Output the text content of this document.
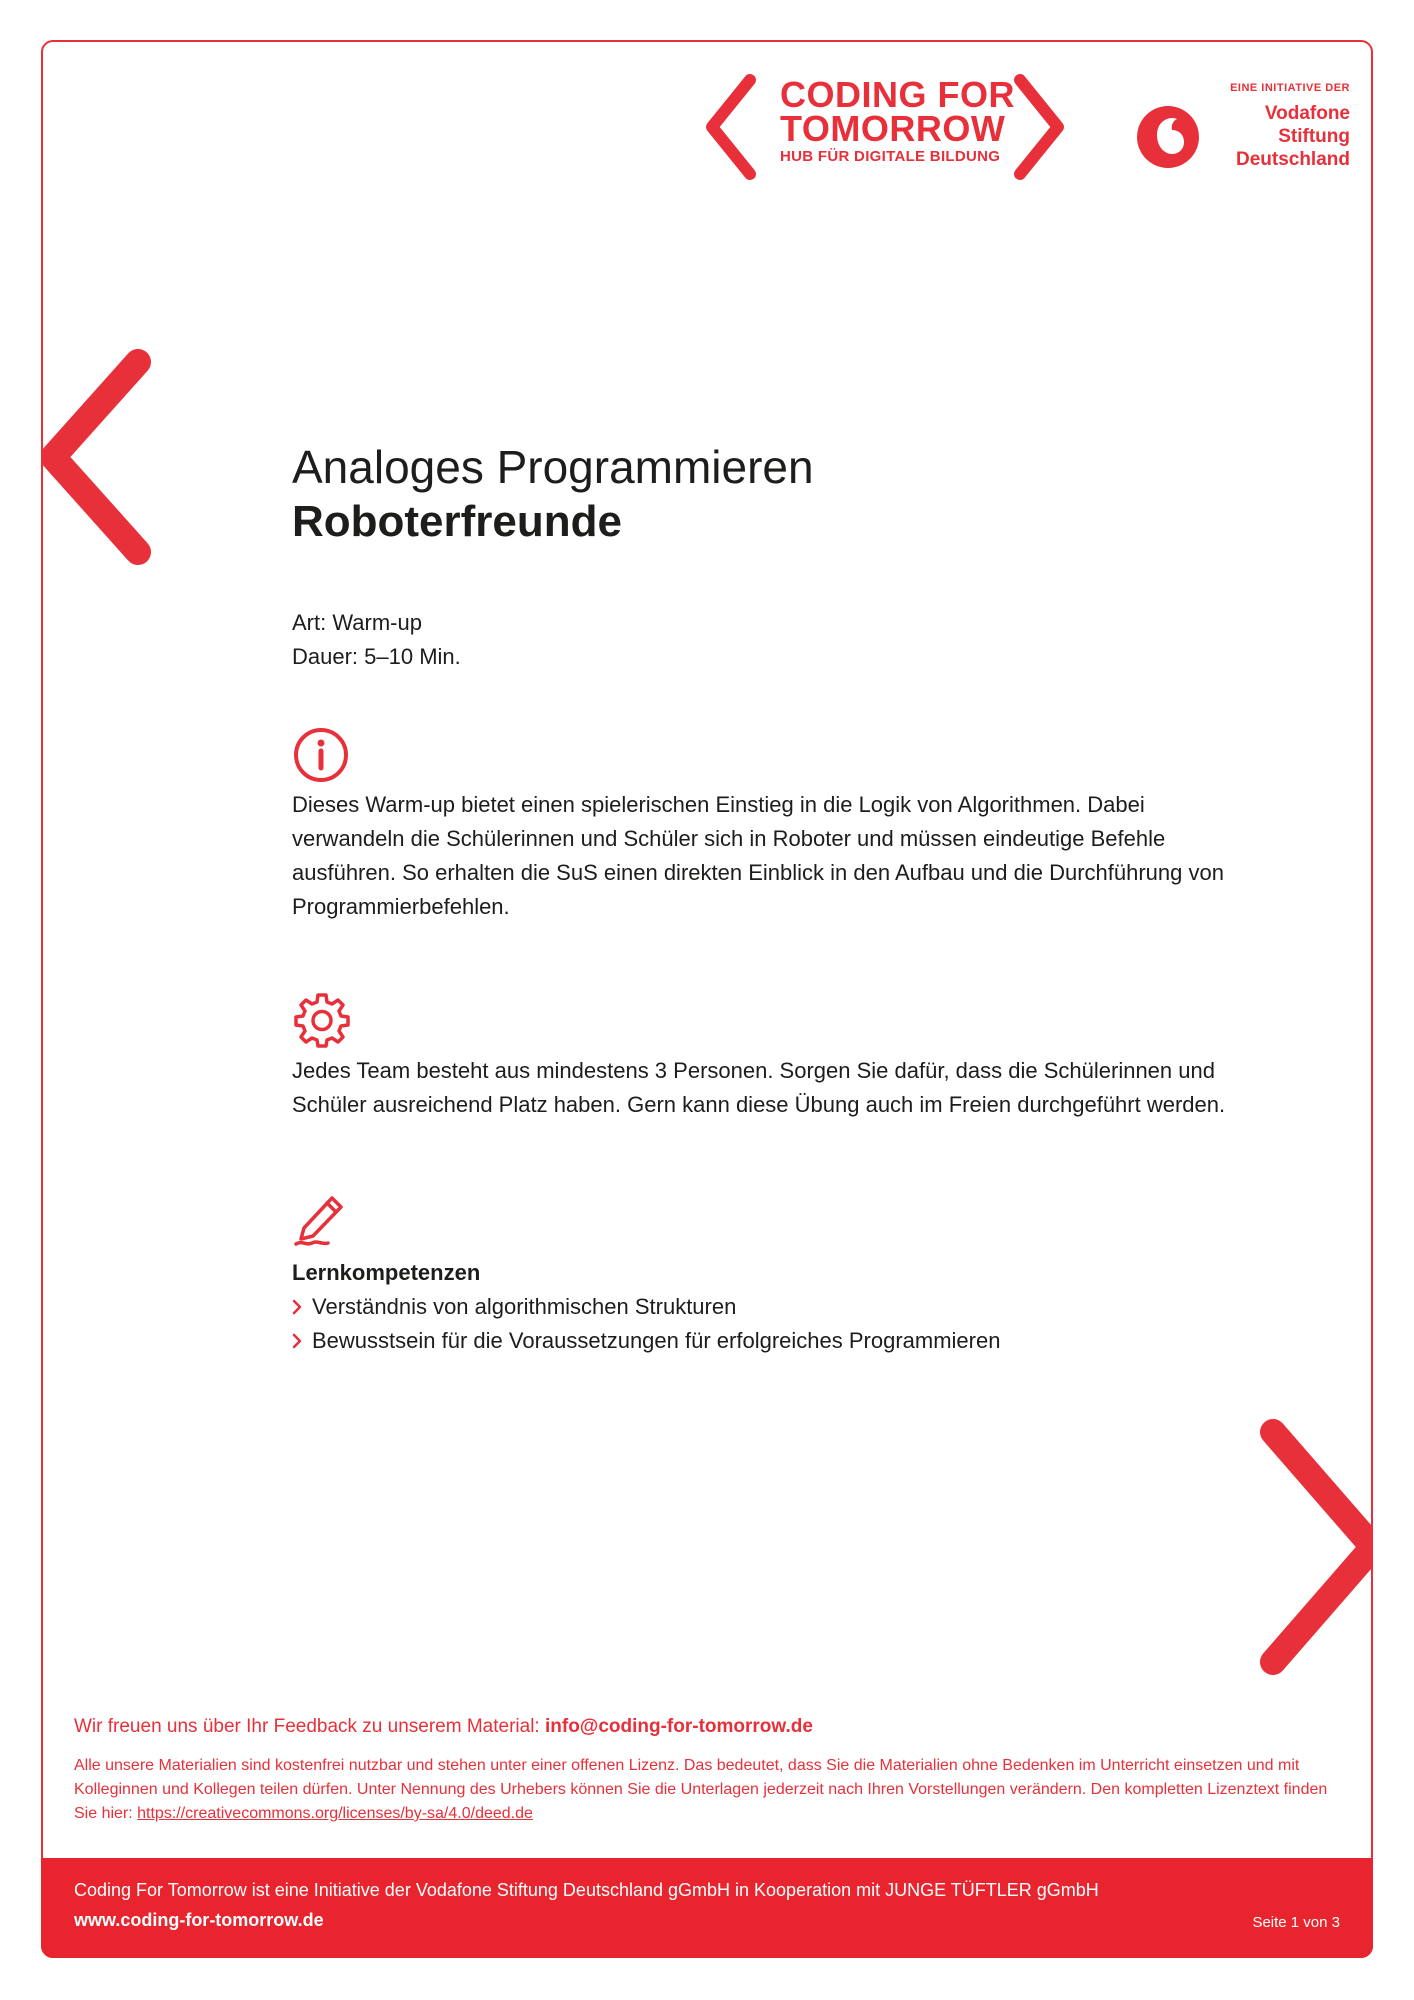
CODING FOR
TOMORROW
HUB FÜR DIGITALE BILDUNG
EINE INITIATIVE DER
Vodafone
Stiftung
Deutschland
Analoges Programmieren
Roboterfreunde
Art: Warm-up
Dauer: 5–10 Min.

Dieses Warm-up bietet einen spielerischen Einstieg in die Logik von Algorithmen. Dabei verwandeln die Schülerinnen und Schüler sich in Roboter und müssen eindeutige Befehle ausführen. So erhalten die SuS einen direkten Einblick in den Aufbau und die Durchführung von Programmierbefehlen.

Jedes Team besteht aus mindestens 3 Personen. Sorgen Sie dafür, dass die Schülerinnen und Schüler ausreichend Platz haben. Gern kann diese Übung auch im Freien durchgeführt werden.

Lernkompetenzen
Verständnis von algorithmischen Strukturen
Bewusstsein für die Voraussetzungen für erfolgreiches Programmieren
Wir freuen uns über Ihr Feedback zu unserem Material: info@coding-for-tomorrow.de
Alle unsere Materialien sind kostenfrei nutzbar und stehen unter einer offenen Lizenz. Das bedeutet, dass Sie die Materialien ohne Bedenken im Unterricht einsetzen und mit Kolleginnen und Kollegen teilen dürfen. Unter Nennung des Urhebers können Sie die Unterlagen jederzeit nach Ihren Vorstellungen verändern. Den kompletten Lizenztext finden Sie hier: https://creativecommons.org/licenses/by-sa/4.0/deed.de
Coding For Tomorrow ist eine Initiative der Vodafone Stiftung Deutschland gGmbH in Kooperation mit JUNGE TÜFTLER gGmbH
www.coding-for-tomorrow.de	Seite 1 von 3
